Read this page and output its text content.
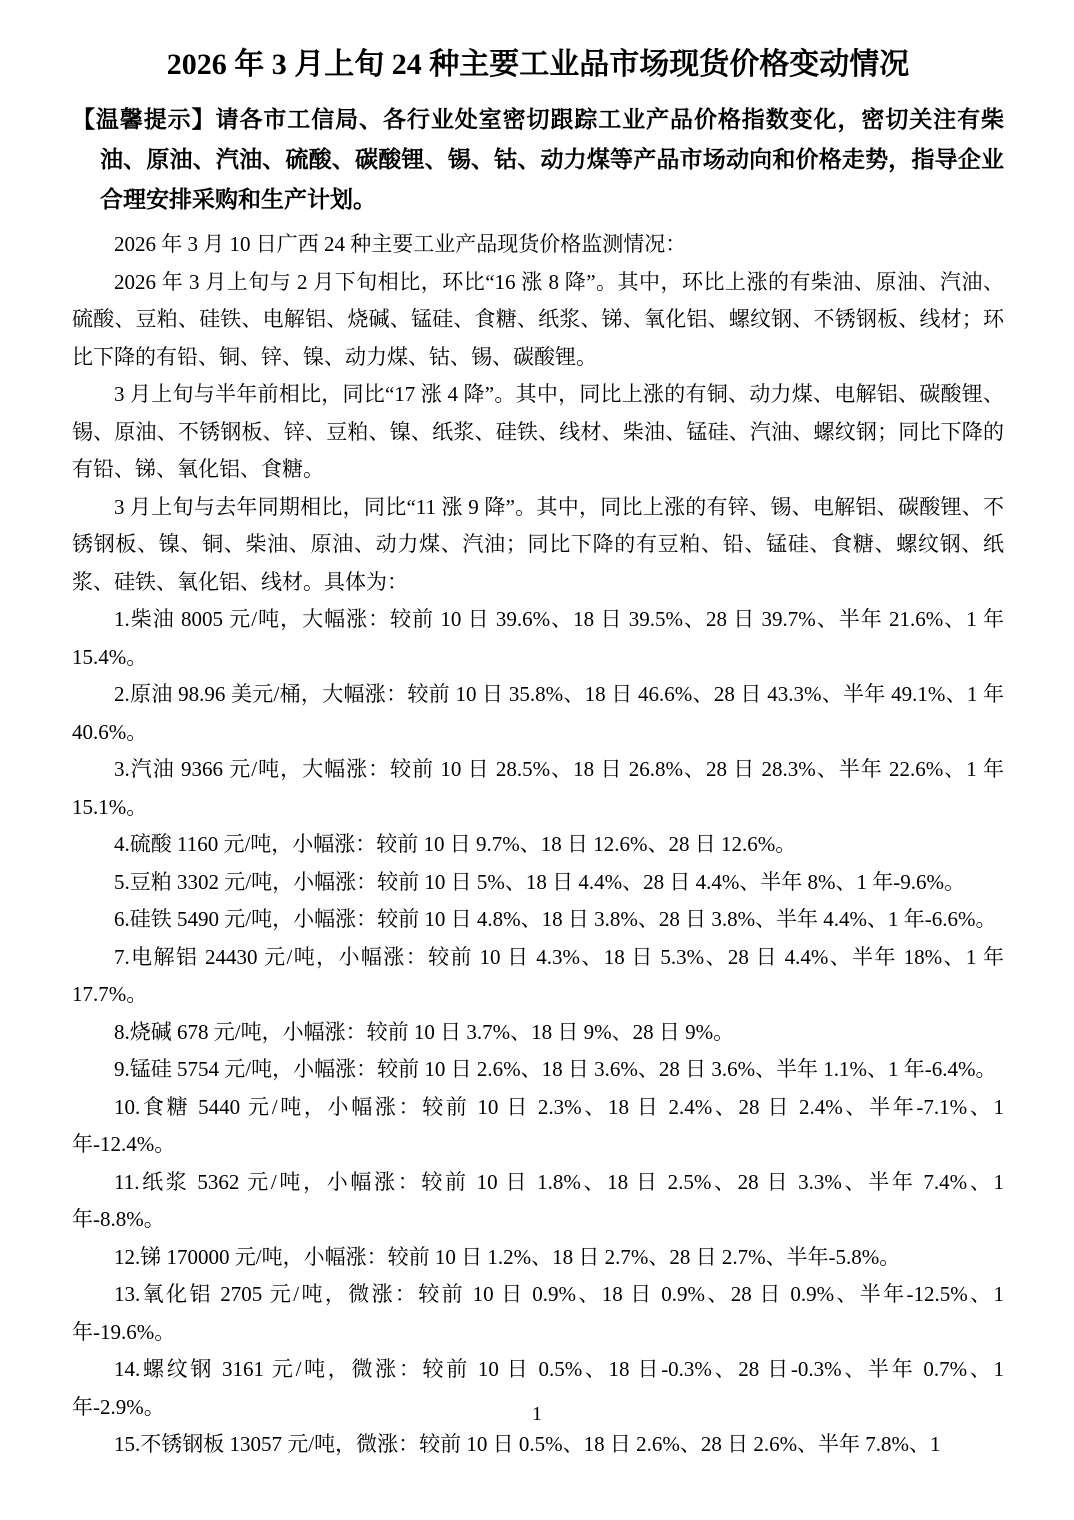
2026 年 3 月上旬 24 种主要工业品市场现货价格变动情况

【温馨提示】请各市工信局、各行业处室密切跟踪工业产品价格指数变化，密切关注有柴油、原油、汽油、硫酸、碳酸锂、锡、钴、动力煤等产品市场动向和价格走势，指导企业合理安排采购和生产计划。

2026 年 3 月 10 日广西 24 种主要工业产品现货价格监测情况：

2026 年 3 月上旬与 2 月下旬相比，环比“16 涨 8 降”。其中，环比上涨的有柴油、原油、汽油、硫酸、豆粕、硅铁、电解铝、烧碱、锰硅、食糖、纸浆、锑、氧化铝、螺纹钢、不锈钢板、线材；环比下降的有铅、铜、锌、镍、动力煤、钴、锡、碳酸锂。

3 月上旬与半年前相比，同比“17 涨 4 降”。其中，同比上涨的有铜、动力煤、电解铝、碳酸锂、锡、原油、不锈钢板、锌、豆粕、镍、纸浆、硅铁、线材、柴油、锰硅、汽油、螺纹钢；同比下降的有铅、锑、氧化铝、食糖。

3 月上旬与去年同期相比，同比“11 涨 9 降”。其中，同比上涨的有锌、锡、电解铝、碳酸锂、不锈钢板、镍、铜、柴油、原油、动力煤、汽油；同比下降的有豆粕、铅、锰硅、食糖、螺纹钢、纸浆、硅铁、氧化铝、线材。具体为：

1.柴油 8005 元/吨，大幅涨：较前 10 日 39.6%、18 日 39.5%、28 日 39.7%、半年 21.6%、1 年 15.4%。

2.原油 98.96 美元/桶，大幅涨：较前 10 日 35.8%、18 日 46.6%、28 日 43.3%、半年 49.1%、1 年 40.6%。

3.汽油 9366 元/吨，大幅涨：较前 10 日 28.5%、18 日 26.8%、28 日 28.3%、半年 22.6%、1 年 15.1%。

4.硫酸 1160 元/吨，小幅涨：较前 10 日 9.7%、18 日 12.6%、28 日 12.6%。

5.豆粕 3302 元/吨，小幅涨：较前 10 日 5%、18 日 4.4%、28 日 4.4%、半年 8%、1 年-9.6%。

6.硅铁 5490 元/吨，小幅涨：较前 10 日 4.8%、18 日 3.8%、28 日 3.8%、半年 4.4%、1 年-6.6%。

7.电解铝 24430 元/吨，小幅涨：较前 10 日 4.3%、18 日 5.3%、28 日 4.4%、半年 18%、1 年 17.7%。

8.烧碱 678 元/吨，小幅涨：较前 10 日 3.7%、18 日 9%、28 日 9%。

9.锰硅 5754 元/吨，小幅涨：较前 10 日 2.6%、18 日 3.6%、28 日 3.6%、半年 1.1%、1 年-6.4%。

10.食糖 5440 元/吨，小幅涨：较前 10 日 2.3%、18 日 2.4%、28 日 2.4%、半年-7.1%、1 年-12.4%。

11.纸浆 5362 元/吨，小幅涨：较前 10 日 1.8%、18 日 2.5%、28 日 3.3%、半年 7.4%、1 年-8.8%。

12.锑 170000 元/吨，小幅涨：较前 10 日 1.2%、18 日 2.7%、28 日 2.7%、半年-5.8%。

13.氧化铝 2705 元/吨，微涨：较前 10 日 0.9%、18 日 0.9%、28 日 0.9%、半年-12.5%、1 年-19.6%。

14.螺纹钢 3161 元/吨，微涨：较前 10 日 0.5%、18 日-0.3%、28 日-0.3%、半年 0.7%、1 年-2.9%。

15.不锈钢板 13057 元/吨，微涨：较前 10 日 0.5%、18 日 2.6%、28 日 2.6%、半年 7.8%、1

1
